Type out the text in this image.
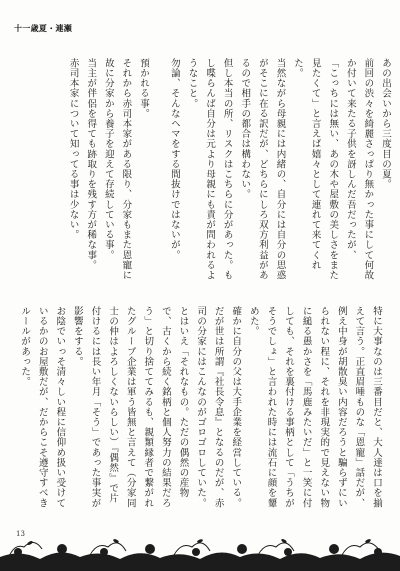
十一歳夏・連瀬
あの出会いから三度目の夏。
前回の渋々を綺麗さっぱり無かった事にして何故か付いて来たる子供を訝しんだ吾だったが、
「こっちには無い、あの木や屋敷の美しさをまた見たくて」と言えば嬉々として連れて来てくれた。
当然ながら母親には内緒の、自分には自分の思惑がそこに在る訳だが、どちらにしろ双方利益があるので相手の都合は構わない。
但し本当の所、リスクはこちらに分があった。もし喋らんば自分は元より母親にも責が問われるようなこと。
勿論、そんなヘマをする間抜けではないが。
預かれる事。
それから赤司本家がある限り、分家もまた恩寵に
故に分家から養子を迎えて存続している事。
当主が伴侶を得ても跡取りを残す方が稀な事。
赤司本家について知ってる事は少ない。
特に大事なのは三番目だと、大人達は口を揃えて言う。正直眉唾ものな「恩寵」話だが、例え中身が胡散臭い内容だろうと騙らずにいられない程に、それを非現実的で見えない物に縋る愚かさを「馬鹿みたいだ」と一笑に付しても、それを裏付ける事柄として「うちがそうでしょ」と言われた時には流石に顔を顰めた。
確かに自分の父は大手企業を経営している。だが世は所謂『社長令息』となるのだが、赤司の分家にはこんなのがゴロゴロしていた。とはいえ「それなもの。ただの偶然の産物で、古くから続く銘柄と個人努力の結果だろう」と切り捨ててみるも、親類縁者で繋がれたグループ企業は軍う皆無と言えて（分家同士の仲はよろしくないらしい）『偶然』で片付けるには長い年月「そう」であった事実が影響をする。
お陰でいっそ清々しい程に信仰め扱い受けているかのお屋敷だが、だからこそ遵守すべきルールがあった。
13
